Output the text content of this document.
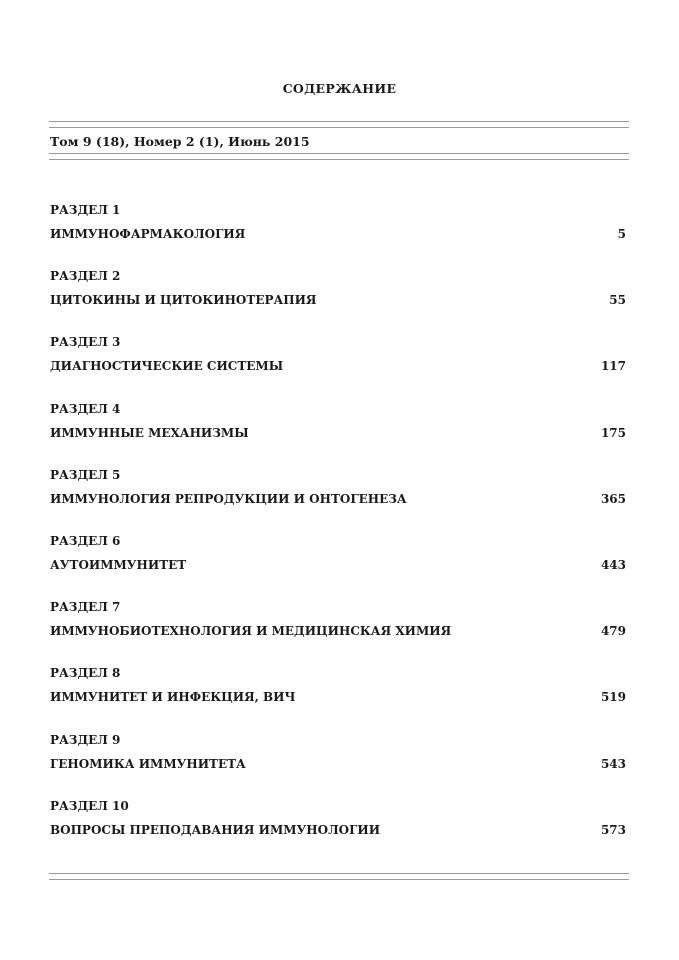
СОДЕРЖАНИЕ
Том 9 (18), Номер 2 (1), Июнь 2015
РАЗДЕЛ 1
ИММУНОФАРМАКОЛОГИЯ	5
РАЗДЕЛ 2
ЦИТОКИНЫ И ЦИТОКИНОТЕРАПИЯ	55
РАЗДЕЛ 3
ДИАГНОСТИЧЕСКИЕ СИСТЕМЫ	117
РАЗДЕЛ 4
ИММУННЫЕ МЕХАНИЗМЫ	175
РАЗДЕЛ 5
ИММУНОЛОГИЯ РЕПРОДУКЦИИ И ОНТОГЕНЕЗА	365
РАЗДЕЛ 6
АУТОИММУНИТЕТ	443
РАЗДЕЛ 7
ИММУНОБИОТЕХНОЛОГИЯ И МЕДИЦИНСКАЯ ХИМИЯ	479
РАЗДЕЛ 8
ИММУНИТЕТ И ИНФЕКЦИЯ, ВИЧ	519
РАЗДЕЛ 9
ГЕНОМИКА ИММУНИТЕТА	543
РАЗДЕЛ 10
ВОПРОСЫ ПРЕПОДАВАНИЯ ИММУНОЛОГИИ	573
